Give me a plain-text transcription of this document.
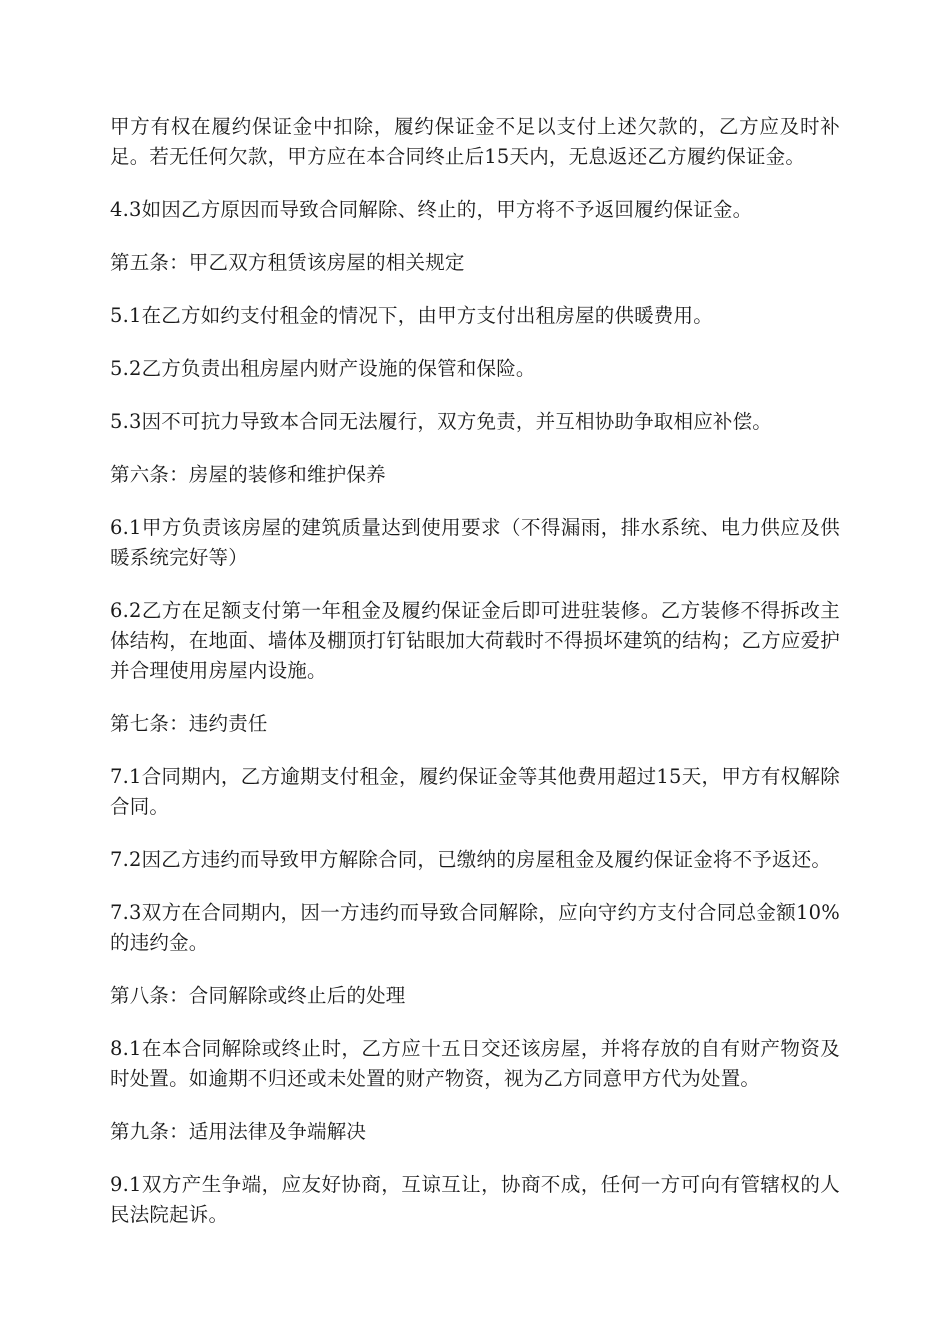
甲方有权在履约保证金中扣除，履约保证金不足以支付上述欠款的，乙方应及时补足。若无任何欠款，甲方应在本合同终止后15天内，无息返还乙方履约保证金。

4.3如因乙方原因而导致合同解除、终止的，甲方将不予返回履约保证金。

第五条：甲乙双方租赁该房屋的相关规定

5.1在乙方如约支付租金的情况下，由甲方支付出租房屋的供暖费用。

5.2乙方负责出租房屋内财产设施的保管和保险。

5.3因不可抗力导致本合同无法履行，双方免责，并互相协助争取相应补偿。

第六条：房屋的装修和维护保养

6.1甲方负责该房屋的建筑质量达到使用要求（不得漏雨，排水系统、电力供应及供暖系统完好等）

6.2乙方在足额支付第一年租金及履约保证金后即可进驻装修。乙方装修不得拆改主体结构，在地面、墙体及棚顶打钉钻眼加大荷载时不得损坏建筑的结构；乙方应爱护并合理使用房屋内设施。

第七条：违约责任

7.1合同期内，乙方逾期支付租金，履约保证金等其他费用超过15天，甲方有权解除合同。

7.2因乙方违约而导致甲方解除合同，已缴纳的房屋租金及履约保证金将不予返还。

7.3双方在合同期内，因一方违约而导致合同解除，应向守约方支付合同总金额10%的违约金。

第八条：合同解除或终止后的处理

8.1在本合同解除或终止时，乙方应十五日交还该房屋，并将存放的自有财产物资及时处置。如逾期不归还或未处置的财产物资，视为乙方同意甲方代为处置。

第九条：适用法律及争端解决

9.1双方产生争端，应友好协商，互谅互让，协商不成，任何一方可向有管辖权的人民法院起诉。
